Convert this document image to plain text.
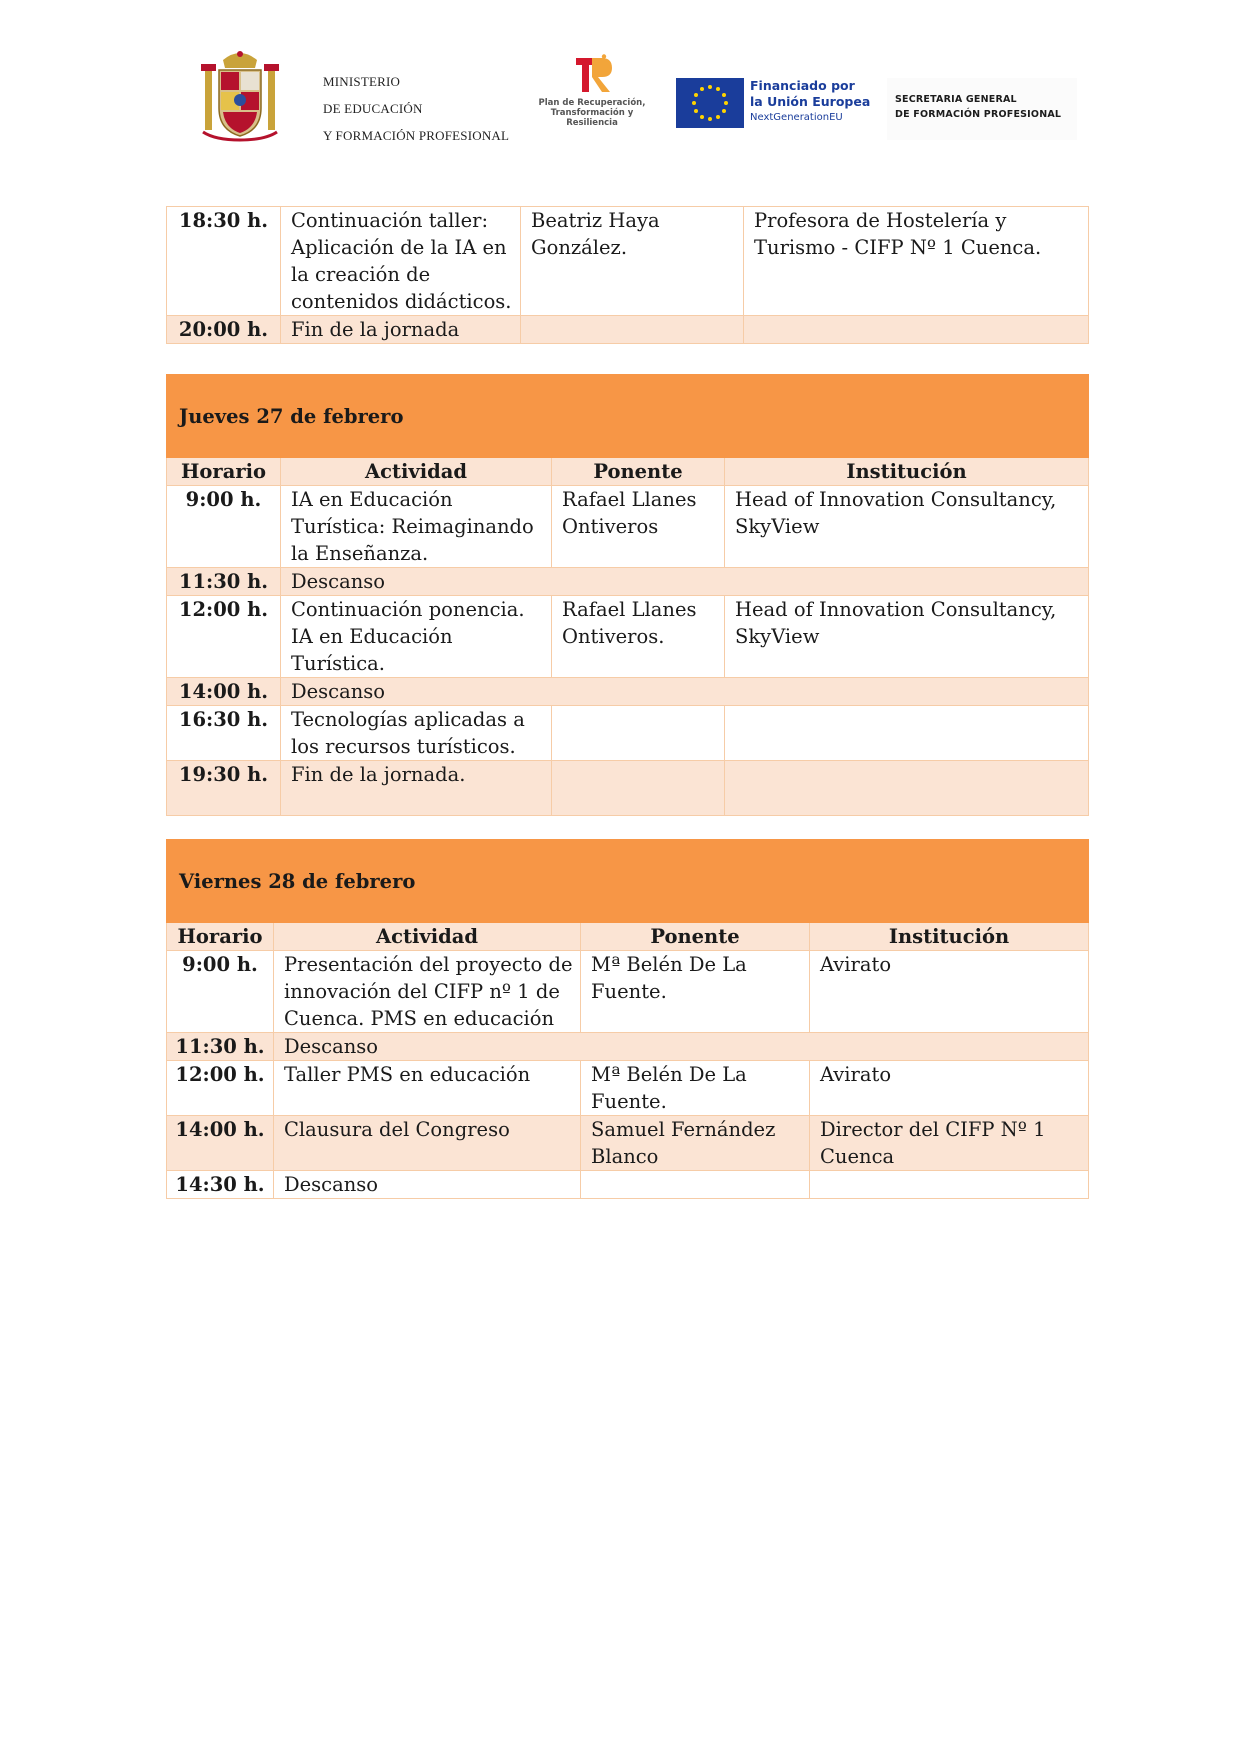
MINISTERIO
DE EDUCACIÓN
Y FORMACIÓN PROFESIONAL
Plan de Recuperación,
Transformación y
Resiliencia
Financiado por
la Unión Europea
NextGenerationEU
SECRETARIA GENERAL
DE FORMACIÓN PROFESIONAL
18:30 h.	Continuación taller: Aplicación de la IA en la creación de contenidos didácticos.	Beatriz Haya González.	Profesora de Hostelería y Turismo - CIFP Nº 1 Cuenca.
20:00 h.	Fin de la jornada		
Jueves 27 de febrero			
Horario	Actividad	Ponente	Institución
9:00 h.	IA en Educación Turística: Reimaginando la Enseñanza.	Rafael Llanes Ontiveros	Head of Innovation Consultancy, SkyView
11:30 h.	Descanso		
12:00 h.	Continuación ponencia. IA en Educación Turística.	Rafael Llanes Ontiveros.	Head of Innovation Consultancy, SkyView
14:00 h.	Descanso		
16:30 h.	Tecnologías aplicadas a los recursos turísticos.		
19:30 h.	Fin de la jornada.		
Viernes 28 de febrero			
Horario	Actividad	Ponente	Institución
9:00 h.	Presentación del proyecto de innovación del CIFP nº 1 de Cuenca. PMS en educación	Mª Belén De La Fuente.	Avirato
11:30 h.	Descanso		
12:00 h.	Taller PMS en educación	Mª Belén De La Fuente.	Avirato
14:00 h.	Clausura del Congreso	Samuel Fernández Blanco	Director del CIFP Nº 1 Cuenca
14:30 h.	Descanso		
